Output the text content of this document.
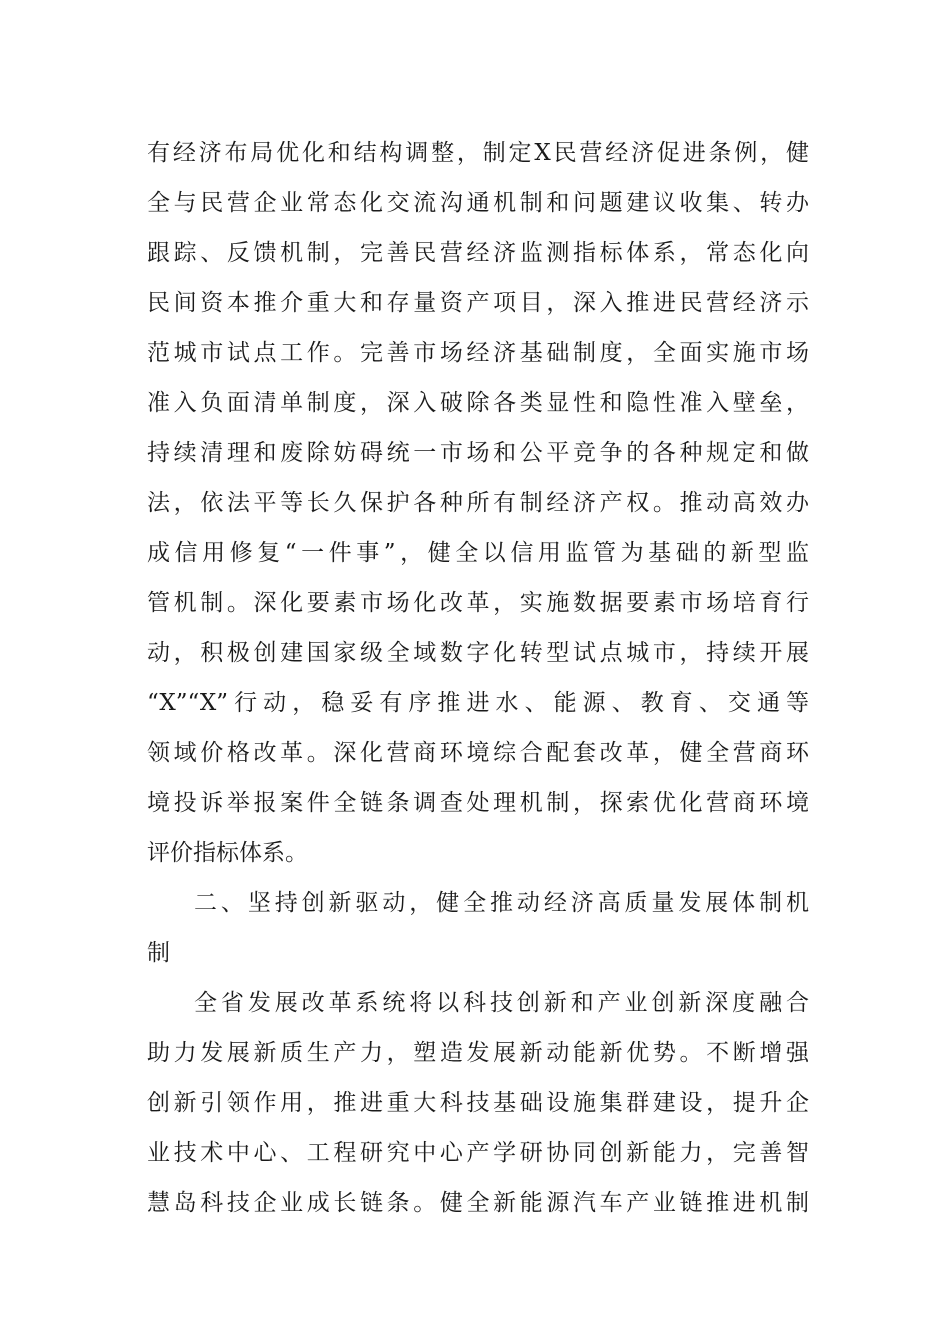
有经济布局优化和结构调整，制定X民营经济促进条例，健
全与民营企业常态化交流沟通机制和问题建议收集、转办
跟踪、反馈机制，完善民营经济监测指标体系，常态化向
民间资本推介重大和存量资产项目，深入推进民营经济示
范城市试点工作。完善市场经济基础制度，全面实施市场
准入负面清单制度，深入破除各类显性和隐性准入壁垒，
持续清理和废除妨碍统一市场和公平竞争的各种规定和做
法，依法平等长久保护各种所有制经济产权。推动高效办
成信用修复“一件事”，健全以信用监管为基础的新型监
管机制。深化要素市场化改革，实施数据要素市场培育行
动，积极创建国家级全域数字化转型试点城市，持续开展
“X”“X”行动，稳妥有序推进水、能源、教育、交通等
领域价格改革。深化营商环境综合配套改革，健全营商环
境投诉举报案件全链条调查处理机制，探索优化营商环境
评价指标体系。
二、坚持创新驱动，健全推动经济高质量发展体制机
制
全省发展改革系统将以科技创新和产业创新深度融合
助力发展新质生产力，塑造发展新动能新优势。不断增强
创新引领作用，推进重大科技基础设施集群建设，提升企
业技术中心、工程研究中心产学研协同创新能力，完善智
慧岛科技企业成长链条。健全新能源汽车产业链推进机制
